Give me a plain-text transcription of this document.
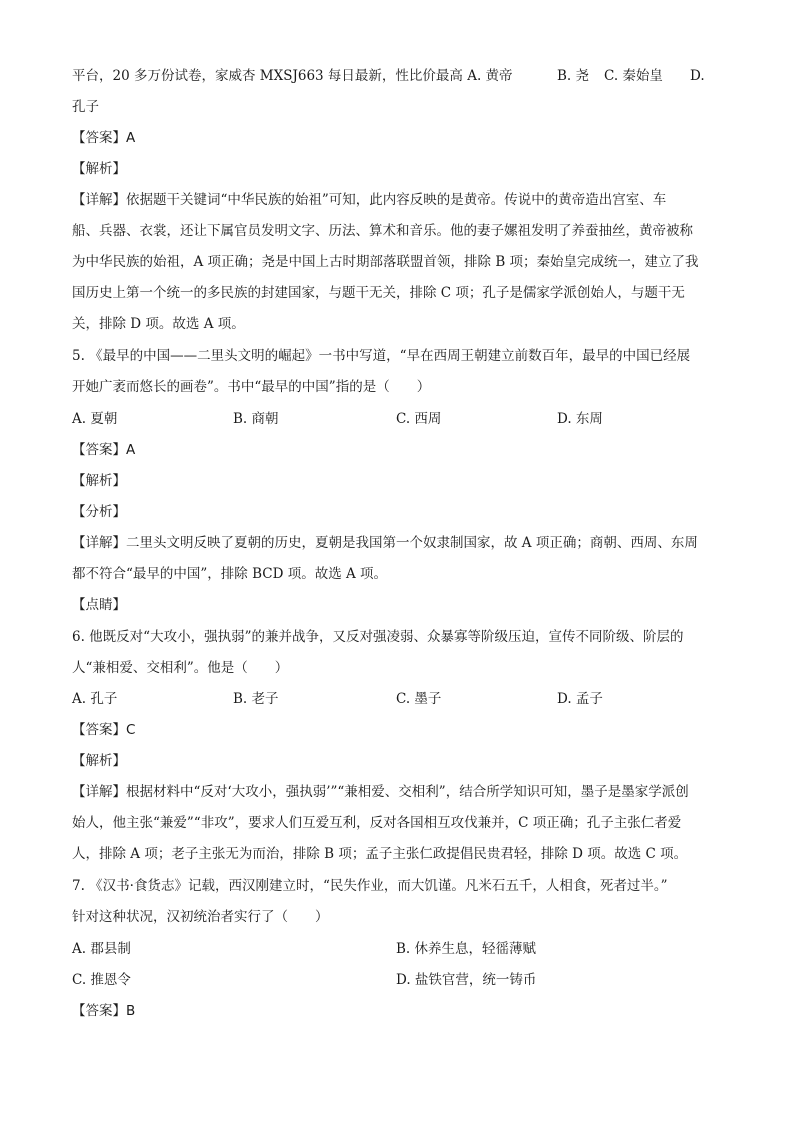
平台，20 多万份试卷，家威杏 MXSJ663 每日最新，性比价最高 A. 黄帝	B. 尧 C. 秦始皇 D.
孔子
【答案】A
【解析】
【详解】依据题干关键词“中华民族的始祖”可知，此内容反映的是黄帝。传说中的黄帝造出宫室、车
船、兵器、衣裳，还让下属官员发明文字、历法、算术和音乐。他的妻子嫘祖发明了养蚕抽丝，黄帝被称
为中华民族的始祖，A 项正确；尧是中国上古时期部落联盟首领，排除 B 项；秦始皇完成统一，建立了我
国历史上第一个统一的多民族的封建国家，与题干无关，排除 C 项；孔子是儒家学派创始人，与题干无
关，排除 D 项。故选 A 项。
5. 《最早的中国——二里头文明的崛起》一书中写道，“早在西周王朝建立前数百年，最早的中国已经展
开她广袤而悠长的画卷”。书中“最早的中国”指的是（　　）
A. 夏朝	B. 商朝	C. 西周	D. 东周
【答案】A
【解析】
【分析】
【详解】二里头文明反映了夏朝的历史，夏朝是我国第一个奴隶制国家，故 A 项正确；商朝、西周、东周
都不符合“最早的中国”，排除 BCD 项。故选 A 项。
【点睛】
6. 他既反对“大攻小，强执弱”的兼并战争，又反对强凌弱、众暴寡等阶级压迫，宣传不同阶级、阶层的
人“兼相爱、交相利”。他是（　　）
A. 孔子	B. 老子	C. 墨子	D. 孟子
【答案】C
【解析】
【详解】根据材料中“反对‘大攻小，强执弱’”“兼相爱、交相利”，结合所学知识可知，墨子是墨家学派创
始人，他主张“兼爱”“非攻”，要求人们互爱互利，反对各国相互攻伐兼并，C 项正确；孔子主张仁者爱
人，排除 A 项；老子主张无为而治，排除 B 项；孟子主张仁政提倡民贵君轻，排除 D 项。故选 C 项。
7. 《汉书·食货志》记载，西汉刚建立时，“民失作业，而大饥谨。凡米石五千，人相食，死者过半。”
针对这种状况，汉初统治者实行了（　　）
A. 郡县制	B. 休养生息，轻徭薄赋
C. 推恩令	D. 盐铁官营，统一铸币
【答案】B
